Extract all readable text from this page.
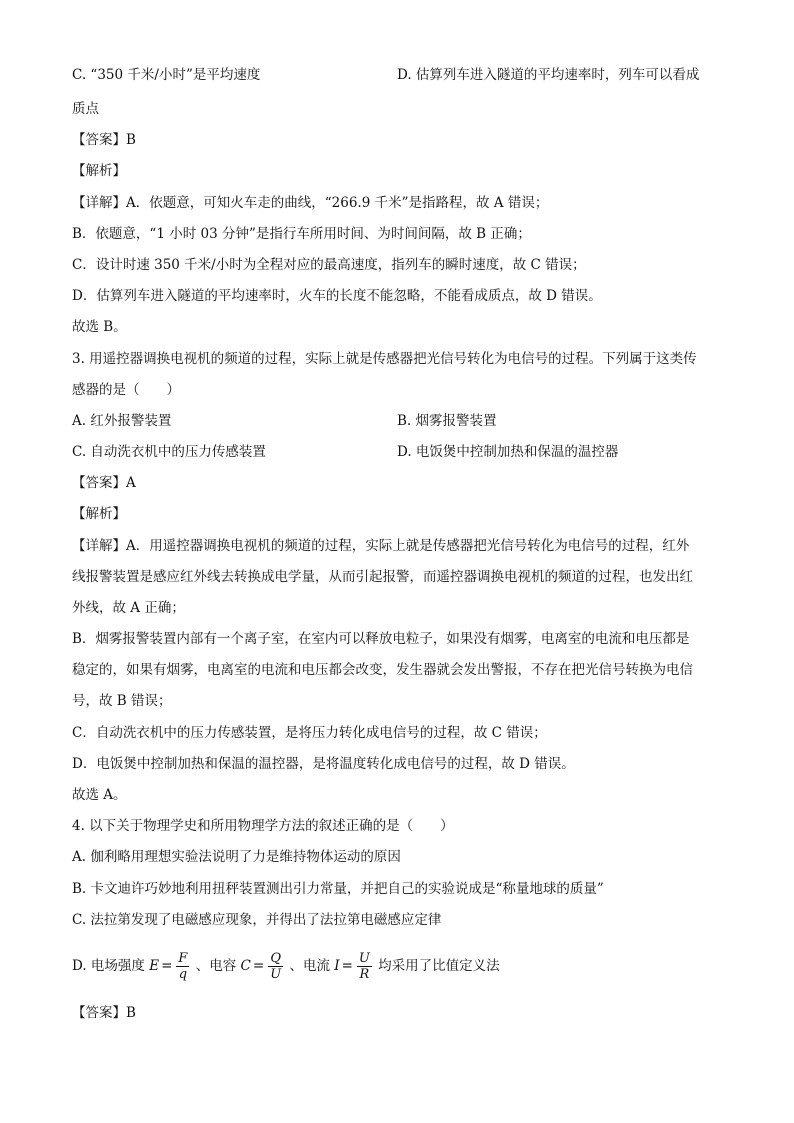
C. “350 千米/小时”是平均速度	D. 估算列车进入隧道的平均速率时，列车可以看成
质点
【答案】B
【解析】
【详解】A．依题意，可知火车走的曲线，“266.9 千米”是指路程，故 A 错误；
B．依题意，“1 小时 03 分钟”是指行车所用时间、为时间间隔，故 B 正确；
C．设计时速 350 千米/小时为全程对应的最高速度，指列车的瞬时速度，故 C 错误；
D．估算列车进入隧道的平均速率时，火车的长度不能忽略，不能看成质点，故 D 错误。
故选 B。
3. 用遥控器调换电视机的频道的过程，实际上就是传感器把光信号转化为电信号的过程。下列属于这类传
感器的是（　　）
A. 红外报警装置	B. 烟雾报警装置
C. 自动洗衣机中的压力传感装置	D. 电饭煲中控制加热和保温的温控器
【答案】A
【解析】
【详解】A．用遥控器调换电视机的频道的过程，实际上就是传感器把光信号转化为电信号的过程，红外
线报警装置是感应红外线去转换成电学量，从而引起报警，而遥控器调换电视机的频道的过程，也发出红
外线，故 A 正确；
B．烟雾报警装置内部有一个离子室，在室内可以释放电粒子，如果没有烟雾，电离室的电流和电压都是
稳定的，如果有烟雾，电离室的电流和电压都会改变，发生器就会发出警报，不存在把光信号转换为电信
号，故 B 错误；
C．自动洗衣机中的压力传感装置，是将压力转化成电信号的过程，故 C 错误；
D．电饭煲中控制加热和保温的温控器，是将温度转化成电信号的过程，故 D 错误。
故选 A。
4. 以下关于物理学史和所用物理学方法的叙述正确的是（　　）
A. 伽利略用理想实验法说明了力是维持物体运动的原因
B. 卡文迪许巧妙地利用扭秤装置测出引力常量，并把自己的实验说成是“称量地球的质量”
C. 法拉第发现了电磁感应现象，并得出了法拉第电磁感应定律
D. 电场强度 $E = \frac{F}{q}$ 、电容 $C = \frac{Q}{U}$ 、电流 $I = \frac{U}{R}$ 均采用了比值定义法
【答案】B
